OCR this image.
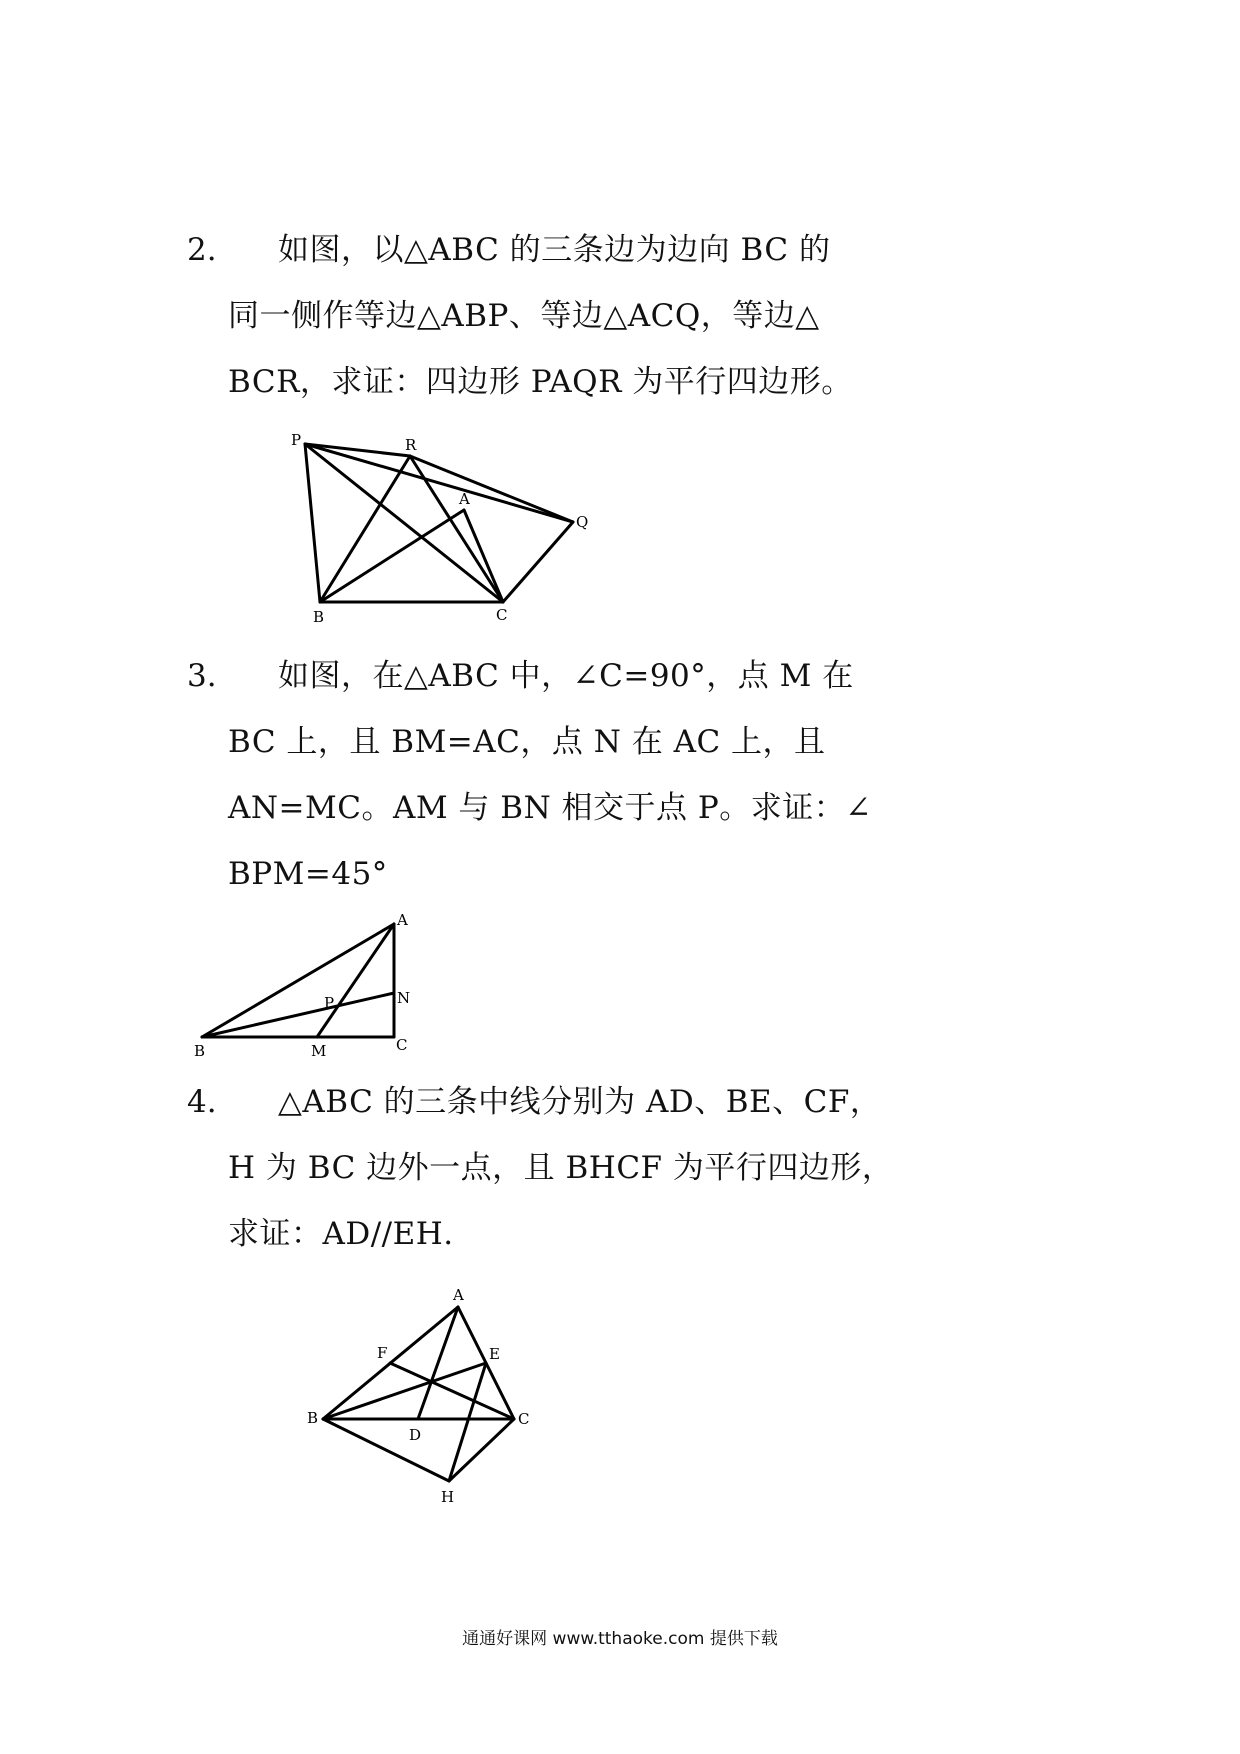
2. 如图，以△ABC 的三条边为边向 BC 的
同一侧作等边△ABP、等边△ACQ，等边△
BCR，求证：四边形 PAQR 为平行四边形。
P	R
A
Q
B	C
3. 如图，在△ABC 中，∠C=90°，点 M 在
BC 上，且 BM=AC，点 N 在 AC 上，且
AN=MC。AM 与 BN 相交于点 P。求证：∠
BPM=45°
A
N
P
B	M	C
4. △ABC 的三条中线分别为 AD、BE、CF，
H 为 BC 边外一点，且 BHCF 为平行四边形，
求证：AD//EH.
A
F	E
B
D
C
H
通通好课网 www.tthaoke.com 提供下载
